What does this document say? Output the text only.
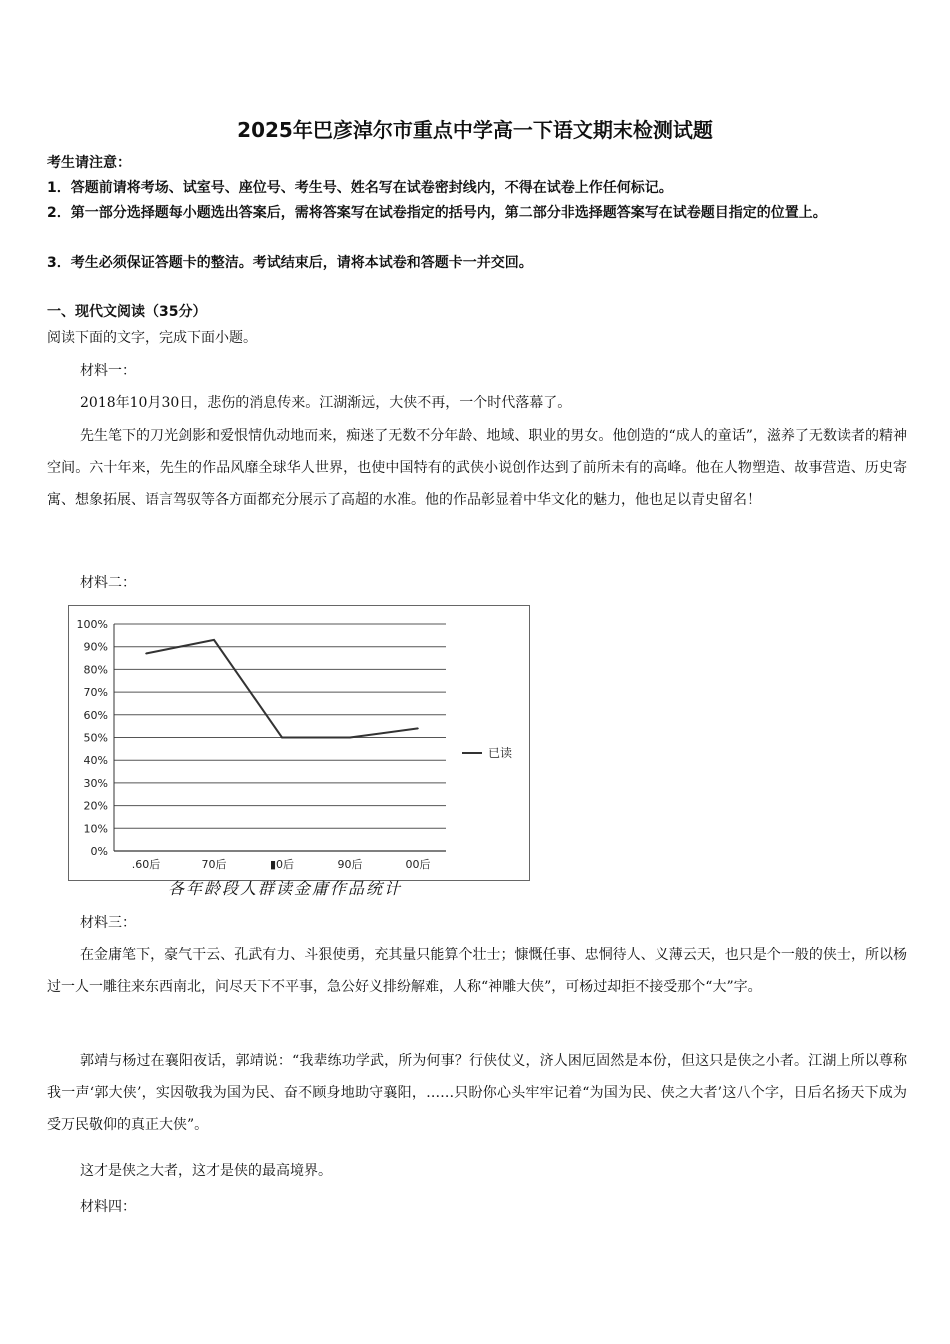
2025年巴彦淖尔市重点中学高一下语文期末检测试题
考生请注意：
1．答题前请将考场、试室号、座位号、考生号、姓名写在试卷密封线内，不得在试卷上作任何标记。
2．第一部分选择题每小题选出答案后，需将答案写在试卷指定的括号内，第二部分非选择题答案写在试卷题目指定的位置上。
3．考生必须保证答题卡的整洁。考试结束后，请将本试卷和答题卡一并交回。
一、现代文阅读（35分）
阅读下面的文字，完成下面小题。
材料一：
2018年10月30日，悲伤的消息传来。江湖渐远，大侠不再，一个时代落幕了。
先生笔下的刀光剑影和爱恨情仇动地而来，痴迷了无数不分年龄、地域、职业的男女。他创造的“成人的童话”，滋养了无数读者的精神空间。六十年来，先生的作品风靡全球华人世界，也使中国特有的武侠小说创作达到了前所未有的高峰。他在人物塑造、故事营造、历史寄寓、想象拓展、语言驾驭等各方面都充分展示了高超的水准。他的作品彰显着中华文化的魅力，他也足以青史留名！
材料二：
0%
10%
20%
30%
40%
50%
60%
70%
80%
90%
100%
.60后	70后	▮0后	90后	00后
已读
各年龄段人群读金庸作品统计
材料三：
在金庸笔下，豪气干云、孔武有力、斗狠使勇，充其量只能算个壮士；慷慨任事、忠恫待人、义薄云天，也只是个一般的侠士，所以杨过一人一雕往来东西南北，问尽天下不平事，急公好义排纷解难，人称“神雕大侠”，可杨过却拒不接受那个“大”字。
郭靖与杨过在襄阳夜话，郭靖说：“我辈练功学武，所为何事？行侠仗义，济人困厄固然是本份，但这只是侠之小者。江湖上所以尊称我一声‘郭大侠’，实因敬我为国为民、奋不顾身地助守襄阳，……只盼你心头牢牢记着“为国为民、侠之大者’这八个字，日后名扬天下成为受万民敬仰的真正大侠”。
这才是侠之大者，这才是侠的最高境界。
材料四：
